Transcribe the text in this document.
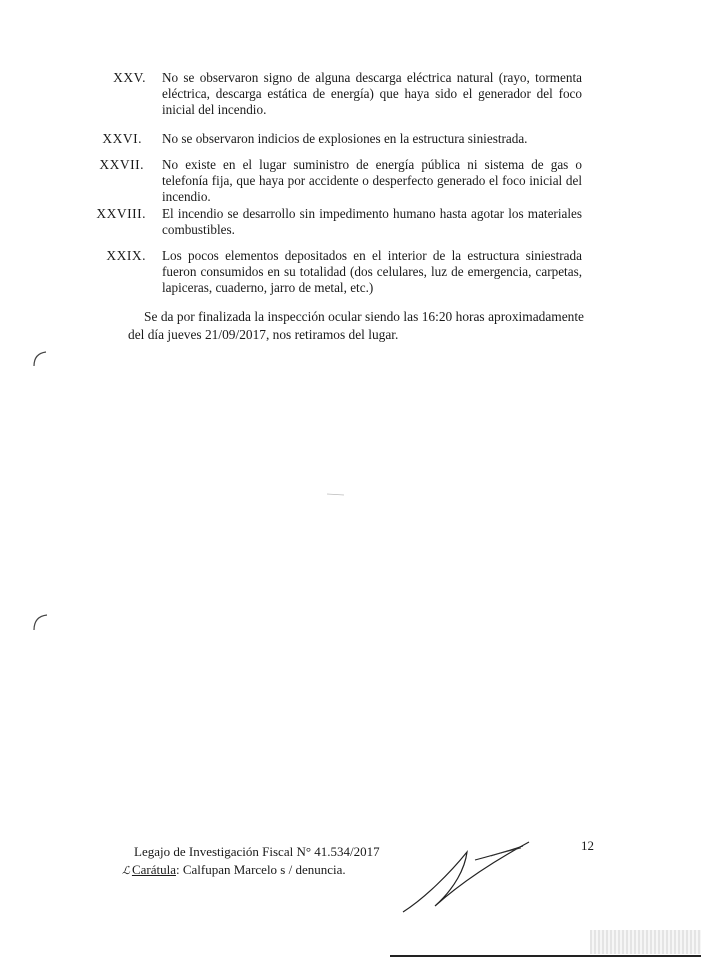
XXV. No se observaron signo de alguna descarga eléctrica natural (rayo, tormenta eléctrica, descarga estática de energía) que haya sido el generador del foco inicial del incendio.
XXVI. No se observaron indicios de explosiones en la estructura siniestrada.
XXVII. No existe en el lugar suministro de energía pública ni sistema de gas o telefonía fija, que haya por accidente o desperfecto generado el foco inicial del incendio.
XXVIII. El incendio se desarrollo sin impedimento humano hasta agotar los materiales combustibles.
XXIX. Los pocos elementos depositados en el interior de la estructura siniestrada fueron consumidos en su totalidad (dos celulares, luz de emergencia, carpetas, lapiceras, cuaderno, jarro de metal, etc.)
Se da por finalizada la inspección ocular siendo las 16:20 horas aproximadamente del día jueves 21/09/2017, nos retiramos del lugar.
12
Legajo de Investigación Fiscal N° 41.534/2017
ℒ Carátula: Calfupan Marcelo s / denuncia.
